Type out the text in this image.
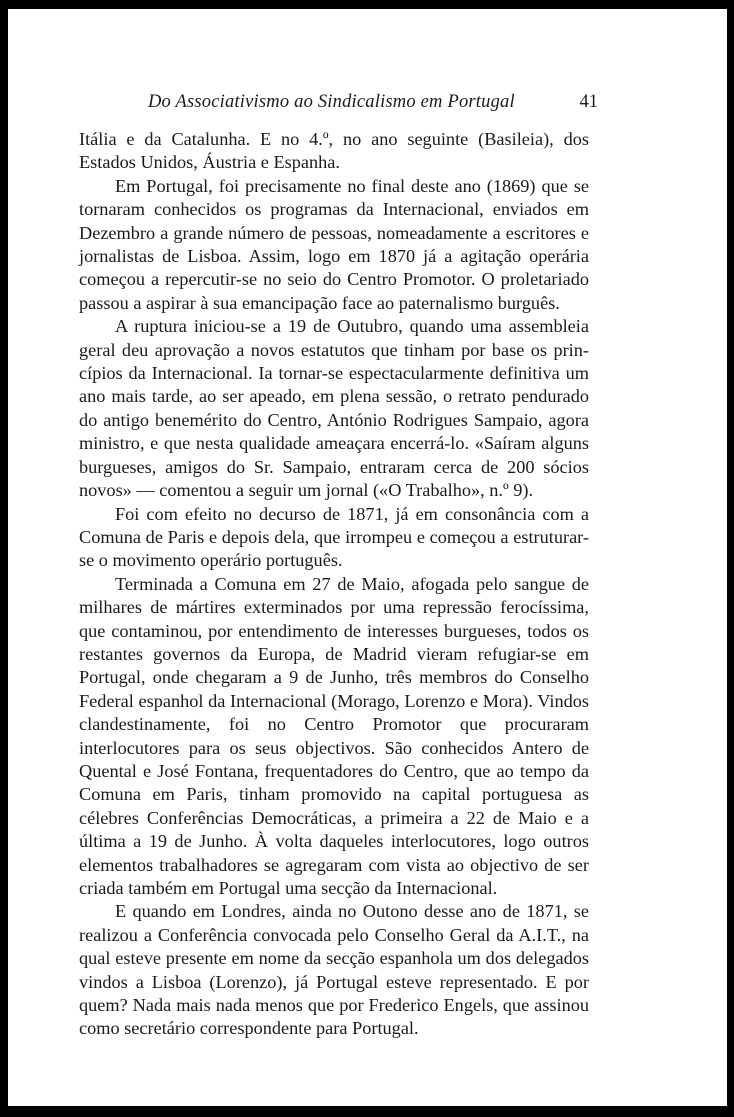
Do Associativismo ao Sindicalismo em Portugal	41

Itália e da Catalunha. E no 4.º, no ano seguinte (Basileia), dos Estados Unidos, Áustria e Espanha.

Em Portugal, foi precisamente no final deste ano (1869) que se tornaram conhecidos os programas da Internacional, enviados em Dezembro a grande número de pessoas, nomeadamente a escritores e jornalistas de Lisboa. Assim, logo em 1870 já a agitação operária começou a repercutir-se no seio do Centro Promotor. O proletariado passou a aspirar à sua emancipação face ao paternalismo burguês.

A ruptura iniciou-se a 19 de Outubro, quando uma assembleia geral deu aprovação a novos estatutos que tinham por base os princípios da Internacional. Ia tornar-se espectacularmente definitiva um ano mais tarde, ao ser apeado, em plena sessão, o retrato pendurado do antigo benemérito do Centro, António Rodrigues Sampaio, agora ministro, e que nesta qualidade ameaçara encerrá-lo. «Saíram alguns burgueses, amigos do Sr. Sampaio, entraram cerca de 200 sócios novos» — comentou a seguir um jornal («O Trabalho», n.º 9).

Foi com efeito no decurso de 1871, já em consonância com a Comuna de Paris e depois dela, que irrompeu e começou a estruturar-se o movimento operário português.

Terminada a Comuna em 27 de Maio, afogada pelo sangue de milhares de mártires exterminados por uma repressão ferocíssima, que contaminou, por entendimento de interesses burgueses, todos os restantes governos da Europa, de Madrid vieram refugiar-se em Portugal, onde chegaram a 9 de Junho, três membros do Conselho Federal espanhol da Internacional (Morago, Lorenzo e Mora). Vindos clandestinamente, foi no Centro Promotor que procuraram interlocutores para os seus objectivos. São conhecidos Antero de Quental e José Fontana, frequentadores do Centro, que ao tempo da Comuna em Paris, tinham promovido na capital portuguesa as célebres Conferências Democráticas, a primeira a 22 de Maio e a última a 19 de Junho. À volta daqueles interlocutores, logo outros elementos trabalhadores se agregaram com vista ao objectivo de ser criada também em Portugal uma secção da Internacional.

E quando em Londres, ainda no Outono desse ano de 1871, se realizou a Conferência convocada pelo Conselho Geral da A.I.T., na qual esteve presente em nome da secção espanhola um dos delegados vindos a Lisboa (Lorenzo), já Portugal esteve representado. E por quem? Nada mais nada menos que por Frederico Engels, que assinou como secretário correspondente para Portugal.
